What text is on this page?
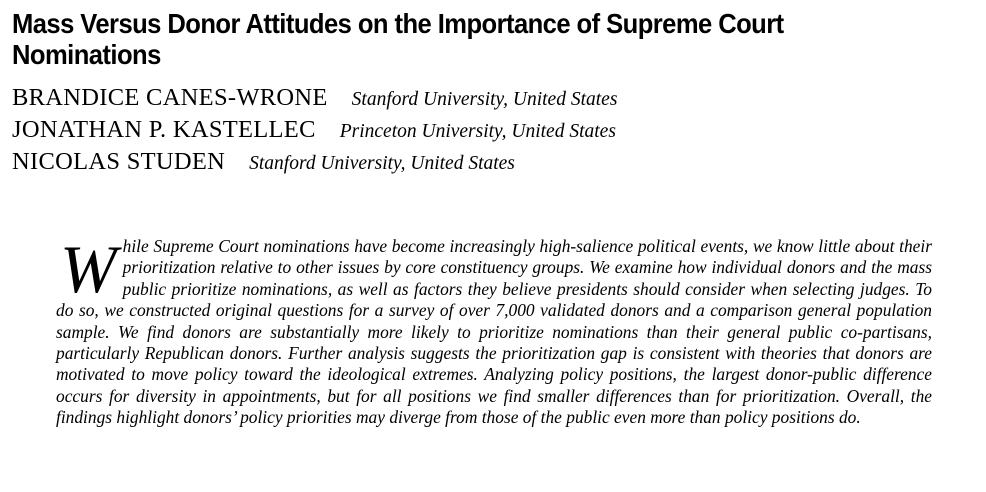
Mass Versus Donor Attitudes on the Importance of Supreme Court Nominations
BRANDICE CANES-WRONE Stanford University, United States
JONATHAN P. KASTELLEC Princeton University, United States
NICOLAS STUDEN Stanford University, United States

While Supreme Court nominations have become increasingly high-salience political events, we know little about their prioritization relative to other issues by core constituency groups. We examine how individual donors and the mass public prioritize nominations, as well as factors they believe presidents should consider when selecting judges. To do so, we constructed original questions for a survey of over 7,000 validated donors and a comparison general population sample. We find donors are substantially more likely to prioritize nominations than their general public co-partisans, particularly Republican donors. Further analysis suggests the prioritization gap is consistent with theories that donors are motivated to move policy toward the ideological extremes. Analyzing policy positions, the largest donor-public difference occurs for diversity in appointments, but for all positions we find smaller differences than for prioritization. Overall, the findings highlight donors’ policy priorities may diverge from those of the public even more than policy positions do.
